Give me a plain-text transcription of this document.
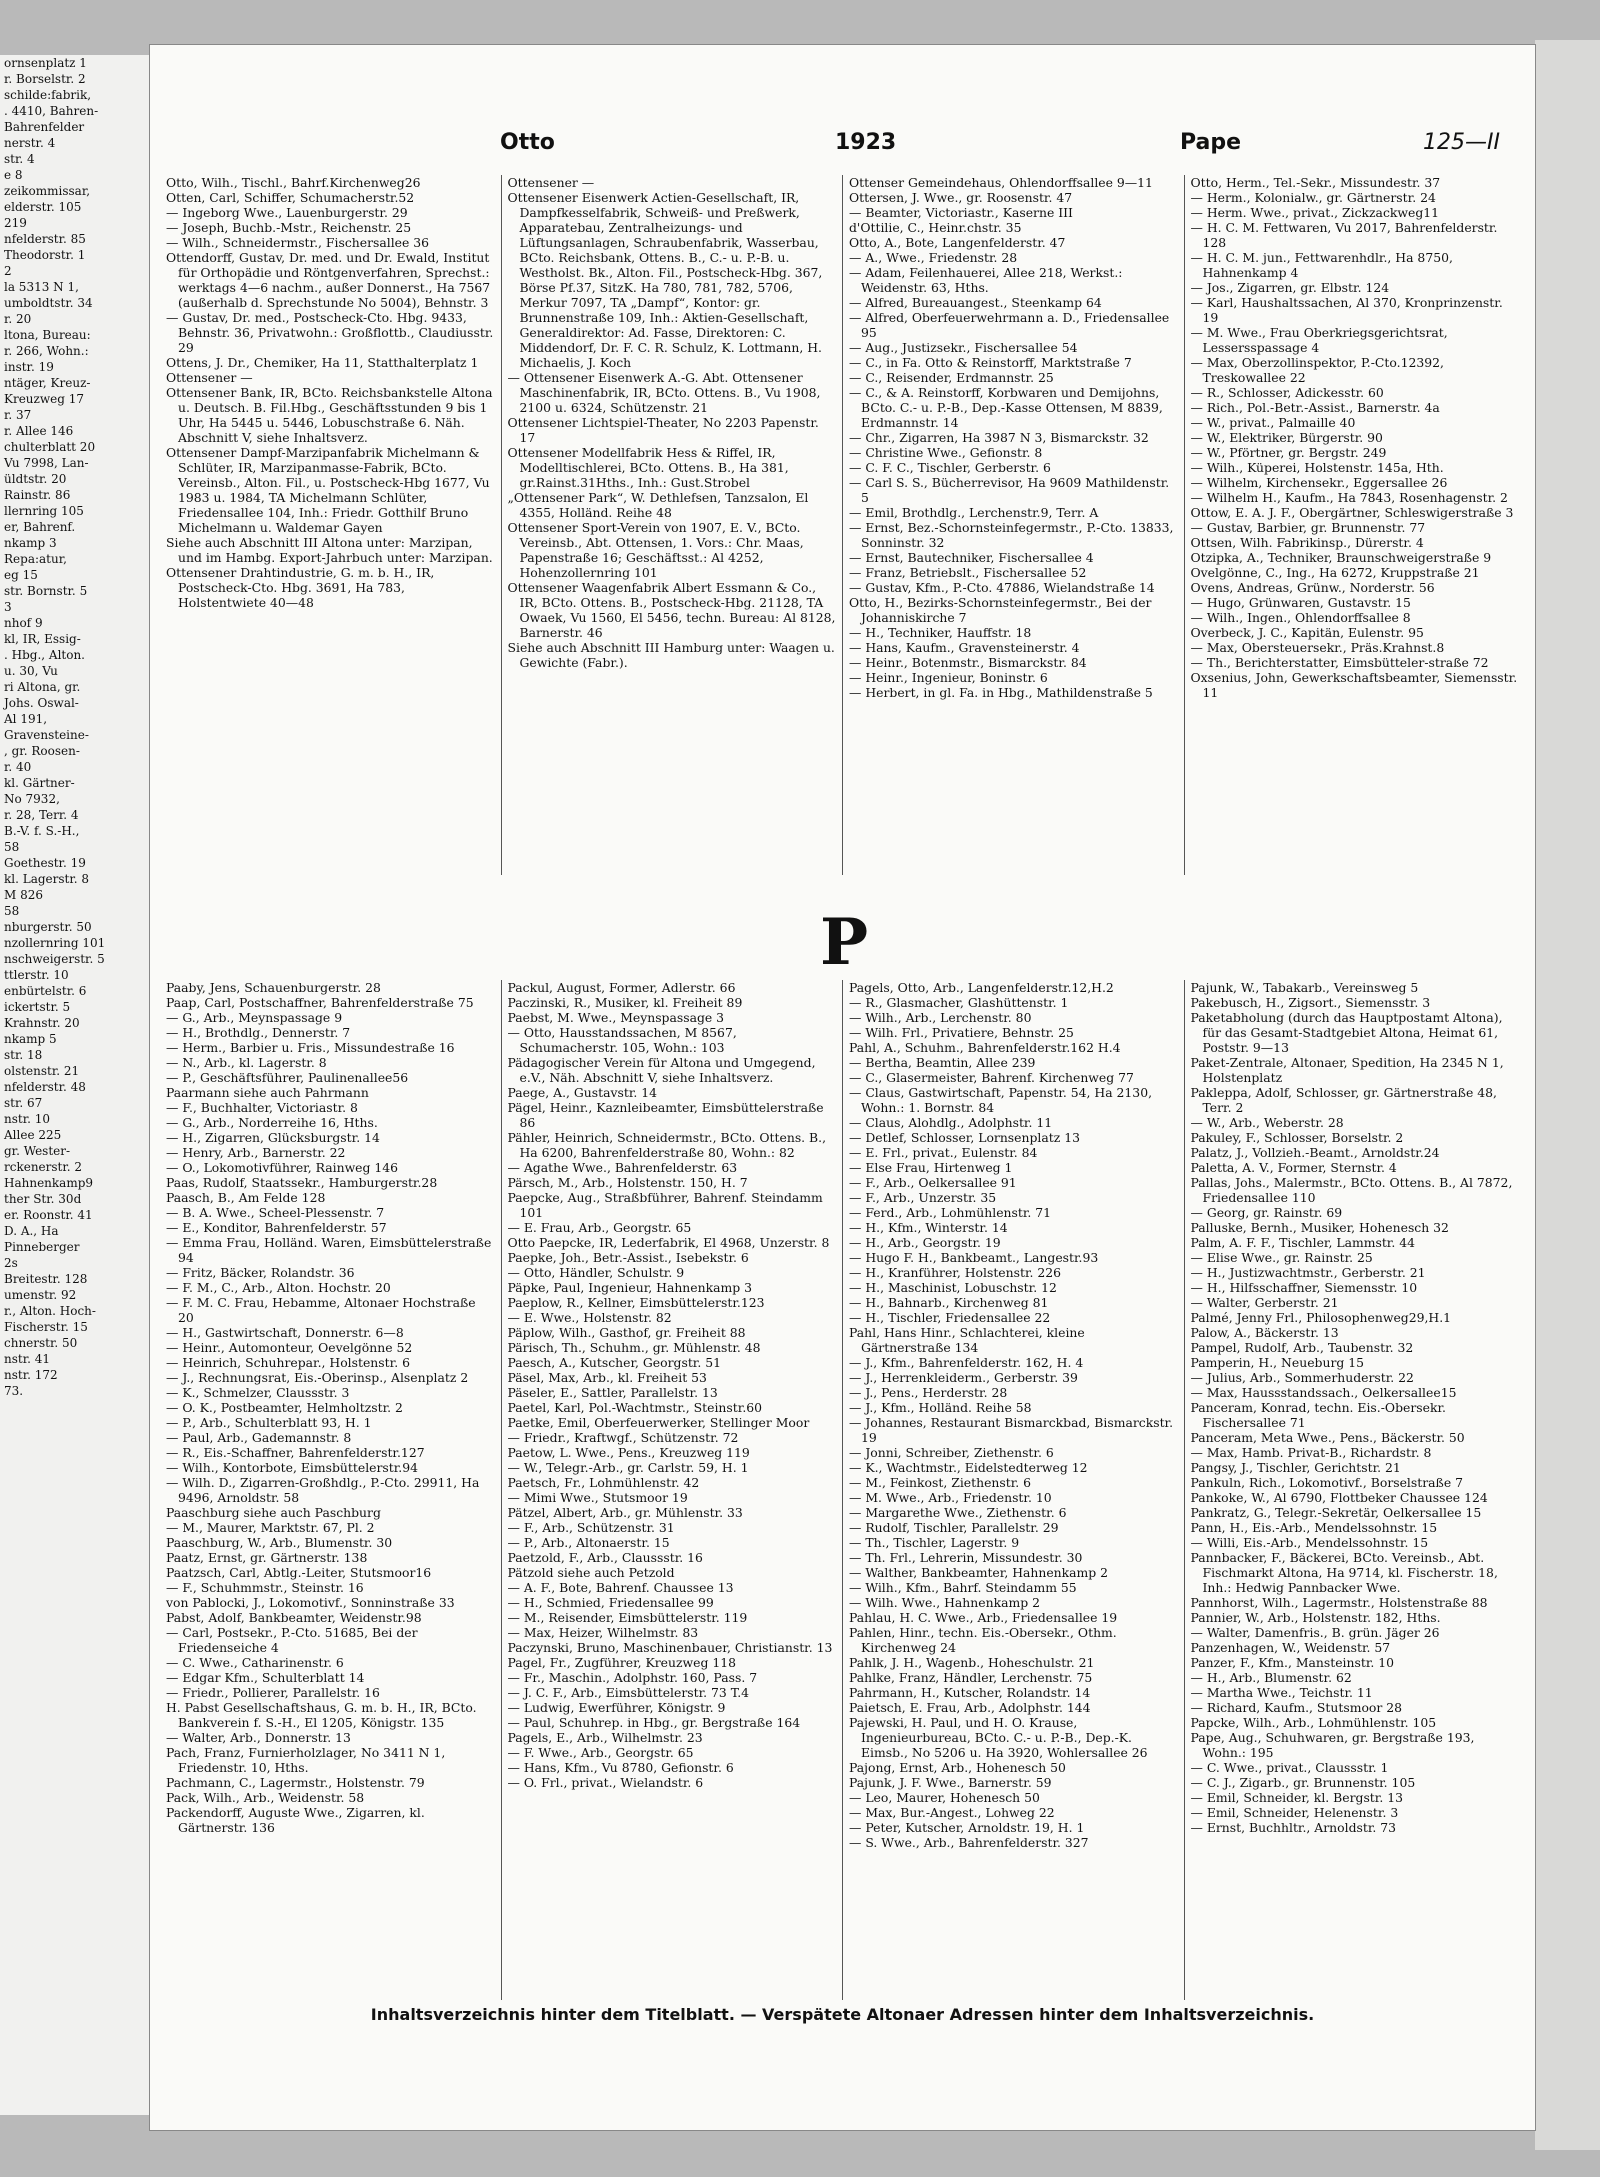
ornsenplatz 1
r. Borselstr. 2
schilde:fabrik,
. 4410, Bahren-
Bahrenfelder
nerstr. 4
str. 4
e 8
zeikommissar,
elderstr. 105
219
nfelderstr. 85
Theodorstr. 1
2
la 5313 N 1,
umboldtstr. 34
r. 20
ltona, Bureau:
r. 266, Wohn.:
instr. 19
ntäger, Kreuz-
Kreuzweg 17
r. 37
r. Allee 146
chulterblatt 20
Vu 7998, Lan-
üldtstr. 20
Rainstr. 86
llernring 105
er, Bahrenf.
nkamp 3
Repa:atur,
eg 15
str. Bornstr. 5
3
nhof 9
kl, IR, Essig-
. Hbg., Alton.
u. 30, Vu
ri Altona, gr.
Johs. Oswal-
Al 191,
Gravensteine-
, gr. Roosen-
r. 40
kl. Gärtner-
No 7932,
r. 28, Terr. 4
B.-V. f. S.-H.,
58
Goethestr. 19
kl. Lagerstr. 8
M 826
58
nburgerstr. 50
nzollernring 101
nschweigerstr. 5
ttlerstr. 10
enbürtelstr. 6
ickertstr. 5
Krahnstr. 20
nkamp 5
str. 18
olstenstr. 21
nfelderstr. 48
str. 67
nstr. 10
Allee 225
gr. Wester-
rckenerstr. 2
Hahnenkamp9
ther Str. 30d
er. Roonstr. 41
D. A., Ha
Pinneberger
2s
Breitestr. 128
umenstr. 92
r., Alton. Hoch-
Fischerstr. 15
chnerstr. 50
nstr. 41
nstr. 172
73.
Otto	1923	Pape	125—II

Otto, Wilh., Tischl., Bahrf.Kirchenweg26

Otten, Carl, Schiffer, Schumacherstr.52

— Ingeborg Wwe., Lauenburgerstr. 29

— Joseph, Buchb.-Mstr., Reichenstr. 25

— Wilh., Schneidermstr., Fischersallee 36

Ottendorff, Gustav, Dr. med. und Dr. Ewald, Institut für Orthopädie und Röntgenverfahren, Sprechst.: werktags 4—6 nachm., außer Donnerst., Ha 7567 (außerhalb d. Sprechstunde No 5004), Behnstr. 3

— Gustav, Dr. med., Postscheck-Cto. Hbg. 9433, Behnstr. 36, Privatwohn.: Großflottb., Claudiusstr. 29

Ottens, J. Dr., Chemiker, Ha 11, Statthalterplatz 1

Ottensener —

Ottensener Bank, IR, BCto. Reichsbankstelle Altona u. Deutsch. B. Fil.Hbg., Geschäftsstunden 9 bis 1 Uhr, Ha 5445 u. 5446, Lobuschstraße 6. Näh. Abschnitt V, siehe Inhaltsverz.

Ottensener Dampf-Marzipanfabrik Michelmann & Schlüter, IR, Marzipanmasse-Fabrik, BCto. Vereinsb., Alton. Fil., u. Postscheck-Hbg 1677, Vu 1983 u. 1984, TA Michelmann Schlüter, Friedensallee 104, Inh.: Friedr. Gotthilf Bruno Michelmann u. Waldemar Gayen

Siehe auch Abschnitt III Altona unter: Marzipan, und im Hambg. Export-Jahrbuch unter: Marzipan.

Ottensener Drahtindustrie, G. m. b. H., IR, Postscheck-Cto. Hbg. 3691, Ha 783, Holstentwiete 40—48

Ottensener —

Ottensener Eisenwerk Actien-Gesellschaft, IR, Dampfkesselfabrik, Schweiß- und Preßwerk, Apparatebau, Zentralheizungs- und Lüftungsanlagen, Schraubenfabrik, Wasserbau, BCto. Reichsbank, Ottens. B., C.- u. P.-B. u. Westholst. Bk., Alton. Fil., Postscheck-Hbg. 367, Börse Pf.37, SitzK. Ha 780, 781, 782, 5706, Merkur 7097, TA „Dampf“, Kontor: gr. Brunnenstraße 109, Inh.: Aktien-Gesellschaft, Generaldirektor: Ad. Fasse, Direktoren: C. Middendorf, Dr. F. C. R. Schulz, K. Lottmann, H. Michaelis, J. Koch

— Ottensener Eisenwerk A.-G. Abt. Ottensener Maschinenfabrik, IR, BCto. Ottens. B., Vu 1908, 2100 u. 6324, Schützenstr. 21

Ottensener Lichtspiel-Theater, No 2203 Papenstr. 17

Ottensener Modellfabrik Hess & Riffel, IR, Modelltischlerei, BCto. Ottens. B., Ha 381, gr.Rainst.31Hths., Inh.: Gust.Strobel

„Ottensener Park“, W. Dethlefsen, Tanzsalon, El 4355, Holländ. Reihe 48

Ottensener Sport-Verein von 1907, E. V., BCto. Vereinsb., Abt. Ottensen, 1. Vors.: Chr. Maas, Papenstraße 16; Geschäftsst.: Al 4252, Hohenzollernring 101

Ottensener Waagenfabrik Albert Essmann & Co., IR, BCto. Ottens. B., Postscheck-Hbg. 21128, TA Owaek, Vu 1560, El 5456, techn. Bureau: Al 8128, Barnerstr. 46

Siehe auch Abschnitt III Hamburg unter: Waagen u. Gewichte (Fabr.).

Ottenser Gemeindehaus, Ohlendorffsallee 9—11

Ottersen, J. Wwe., gr. Roosenstr. 47

— Beamter, Victoriastr., Kaserne III

d'Ottilie, C., Heinr.chstr. 35

Otto, A., Bote, Langenfelderstr. 47

— A., Wwe., Friedenstr. 28

— Adam, Feilenhauerei, Allee 218, Werkst.: Weidenstr. 63, Hths.

— Alfred, Bureauangest., Steenkamp 64

— Alfred, Oberfeuerwehrmann a. D., Friedensallee 95

— Aug., Justizsekr., Fischersallee 54

— C., in Fa. Otto & Reinstorff, Marktstraße 7

— C., Reisender, Erdmannstr. 25

— C., & A. Reinstorff, Korbwaren und Demijohns, BCto. C.- u. P.-B., Dep.-Kasse Ottensen, M 8839, Erdmannstr. 14

— Chr., Zigarren, Ha 3987 N 3, Bismarckstr. 32

— Christine Wwe., Gefionstr. 8

— C. F. C., Tischler, Gerberstr. 6

— Carl S. S., Bücherrevisor, Ha 9609 Mathildenstr. 5

— Emil, Brothdlg., Lerchenstr.9, Terr. A

— Ernst, Bez.-Schornsteinfegermstr., P.-Cto. 13833, Sonninstr. 32

— Ernst, Bautechniker, Fischersallee 4

— Franz, Betriebslt., Fischersallee 52

— Gustav, Kfm., P.-Cto. 47886, Wielandstraße 14

Otto, H., Bezirks-Schornsteinfegermstr., Bei der Johanniskirche 7

— H., Techniker, Hauffstr. 18

— Hans, Kaufm., Gravensteinerstr. 4

— Heinr., Botenmstr., Bismarckstr. 84

— Heinr., Ingenieur, Boninstr. 6

— Herbert, in gl. Fa. in Hbg., Mathildenstraße 5

Otto, Herm., Tel.-Sekr., Missundestr. 37

— Herm., Kolonialw., gr. Gärtnerstr. 24

— Herm. Wwe., privat., Zickzackweg11

— H. C. M. Fettwaren, Vu 2017, Bahrenfelderstr. 128

— H. C. M. jun., Fettwarenhdlr., Ha 8750, Hahnenkamp 4

— Jos., Zigarren, gr. Elbstr. 124

— Karl, Haushaltssachen, Al 370, Kronprinzenstr. 19

— M. Wwe., Frau Oberkriegsgerichtsrat, Lessersspassage 4

— Max, Oberzollinspektor, P.-Cto.12392, Treskowallee 22

— R., Schlosser, Adickesstr. 60

— Rich., Pol.-Betr.-Assist., Barnerstr. 4a

— W., privat., Palmaille 40

— W., Elektriker, Bürgerstr. 90

— W., Pförtner, gr. Bergstr. 249

— Wilh., Küperei, Holstenstr. 145a, Hth.

— Wilhelm, Kirchensekr., Eggersallee 26

— Wilhelm H., Kaufm., Ha 7843, Rosenhagenstr. 2

Ottow, E. A. J. F., Obergärtner, Schleswigerstraße 3

— Gustav, Barbier, gr. Brunnenstr. 77

Ottsen, Wilh. Fabrikinsp., Dürerstr. 4

Otzipka, A., Techniker, Braunschweigerstraße 9

Ovelgönne, C., Ing., Ha 6272, Kruppstraße 21

Ovens, Andreas, Grünw., Norderstr. 56

— Hugo, Grünwaren, Gustavstr. 15

— Wilh., Ingen., Ohlendorffsallee 8

Overbeck, J. C., Kapitän, Eulenstr. 95

— Max, Obersteuersekr., Präs.Krahnst.8

— Th., Berichterstatter, Eimsbütteler-straße 72

Oxsenius, John, Gewerkschaftsbeamter, Siemensstr. 11

P

Paaby, Jens, Schauenburgerstr. 28

Paap, Carl, Postschaffner, Bahrenfelderstraße 75

— G., Arb., Meynspassage 9

— H., Brothdlg., Dennerstr. 7

— Herm., Barbier u. Fris., Missundestraße 16

— N., Arb., kl. Lagerstr. 8

— P., Geschäftsführer, Paulinenallee56

Paarmann siehe auch Pahrmann

— F., Buchhalter, Victoriastr. 8

— G., Arb., Norderreihe 16, Hths.

— H., Zigarren, Glücksburgstr. 14

— Henry, Arb., Barnerstr. 22

— O., Lokomotivführer, Rainweg 146

Paas, Rudolf, Staatssekr., Hamburgerstr.28

Paasch, B., Am Felde 128

— B. A. Wwe., Scheel-Plessenstr. 7

— E., Konditor, Bahrenfelderstr. 57

— Emma Frau, Holländ. Waren, Eimsbüttelerstraße 94

— Fritz, Bäcker, Rolandstr. 36

— F. M., C., Arb., Alton. Hochstr. 20

— F. M. C. Frau, Hebamme, Altonaer Hochstraße 20

— H., Gastwirtschaft, Donnerstr. 6—8

— Heinr., Automonteur, Oevelgönne 52

— Heinrich, Schuhrepar., Holstenstr. 6

— J., Rechnungsrat, Eis.-Oberinsp., Alsenplatz 2

— K., Schmelzer, Claussstr. 3

— O. K., Postbeamter, Helmholtzstr. 2

— P., Arb., Schulterblatt 93, H. 1

— Paul, Arb., Gademannstr. 8

— R., Eis.-Schaffner, Bahrenfelderstr.127

— Wilh., Kontorbote, Eimsbüttelerstr.94

— Wilh. D., Zigarren-Großhdlg., P.-Cto. 29911, Ha 9496, Arnoldstr. 58

Paaschburg siehe auch Paschburg

— M., Maurer, Marktstr. 67, Pl. 2

Paaschburg, W., Arb., Blumenstr. 30

Paatz, Ernst, gr. Gärtnerstr. 138

Paatzsch, Carl, Abtlg.-Leiter, Stutsmoor16

— F., Schuhmmstr., Steinstr. 16

von Pablocki, J., Lokomotivf., Sonninstraße 33

Pabst, Adolf, Bankbeamter, Weidenstr.98

— Carl, Postsekr., P.-Cto. 51685, Bei der Friedenseiche 4

— C. Wwe., Catharinenstr. 6

— Edgar Kfm., Schulterblatt 14

— Friedr., Pollierer, Parallelstr. 16

H. Pabst Gesellschaftshaus, G. m. b. H., IR, BCto. Bankverein f. S.-H., El 1205, Königstr. 135

— Walter, Arb., Donnerstr. 13

Pach, Franz, Furnierholzlager, No 3411 N 1, Friedenstr. 10, Hths.

Pachmann, C., Lagermstr., Holstenstr. 79

Pack, Wilh., Arb., Weidenstr. 58

Packendorff, Auguste Wwe., Zigarren, kl. Gärtnerstr. 136

Packul, August, Former, Adlerstr. 66

Paczinski, R., Musiker, kl. Freiheit 89

Paebst, M. Wwe., Meynspassage 3

— Otto, Hausstandssachen, M 8567, Schumacherstr. 105, Wohn.: 103

Pädagogischer Verein für Altona und Umgegend, e.V., Näh. Abschnitt V, siehe Inhaltsverz.

Paege, A., Gustavstr. 14

Pägel, Heinr., Kaznleibeamter, Eimsbüttelerstraße 86

Pähler, Heinrich, Schneidermstr., BCto. Ottens. B., Ha 6200, Bahrenfelderstraße 80, Wohn.: 82

— Agathe Wwe., Bahrenfelderstr. 63

Pärsch, M., Arb., Holstenstr. 150, H. 7

Paepcke, Aug., Straßbführer, Bahrenf. Steindamm 101

— E. Frau, Arb., Georgstr. 65

Otto Paepcke, IR, Lederfabrik, El 4968, Unzerstr. 8

Paepke, Joh., Betr.-Assist., Isebekstr. 6

— Otto, Händler, Schulstr. 9

Päpke, Paul, Ingenieur, Hahnenkamp 3

Paeplow, R., Kellner, Eimsbüttelerstr.123

— E. Wwe., Holstenstr. 82

Päplow, Wilh., Gasthof, gr. Freiheit 88

Pärisch, Th., Schuhm., gr. Mühlenstr. 48

Paesch, A., Kutscher, Georgstr. 51

Päsel, Max, Arb., kl. Freiheit 53

Päseler, E., Sattler, Parallelstr. 13

Paetel, Karl, Pol.-Wachtmstr., Steinstr.60

Paetke, Emil, Oberfeuerwerker, Stellinger Moor

— Friedr., Kraftwgf., Schützenstr. 72

Paetow, L. Wwe., Pens., Kreuzweg 119

— W., Telegr.-Arb., gr. Carlstr. 59, H. 1

Paetsch, Fr., Lohmühlenstr. 42

— Mimi Wwe., Stutsmoor 19

Pätzel, Albert, Arb., gr. Mühlenstr. 33

— F., Arb., Schützenstr. 31

— P., Arb., Altonaerstr. 15

Paetzold, F., Arb., Claussstr. 16

Pätzold siehe auch Petzold

— A. F., Bote, Bahrenf. Chaussee 13

— H., Schmied, Friedensallee 99

— M., Reisender, Eimsbüttelerstr. 119

— Max, Heizer, Wilhelmstr. 83

Paczynski, Bruno, Maschinenbauer, Christianstr. 13

Pagel, Fr., Zugführer, Kreuzweg 118

— Fr., Maschin., Adolphstr. 160, Pass. 7

— J. C. F., Arb., Eimsbüttelerstr. 73 T.4

— Ludwig, Ewerführer, Königstr. 9

— Paul, Schuhrep. in Hbg., gr. Bergstraße 164

Pagels, E., Arb., Wilhelmstr. 23

— F. Wwe., Arb., Georgstr. 65

— Hans, Kfm., Vu 8780, Gefionstr. 6

— O. Frl., privat., Wielandstr. 6

Pagels, Otto, Arb., Langenfelderstr.12,H.2

— R., Glasmacher, Glashüttenstr. 1

— Wilh., Arb., Lerchenstr. 80

— Wilh. Frl., Privatiere, Behnstr. 25

Pahl, A., Schuhm., Bahrenfelderstr.162 H.4

— Bertha, Beamtin, Allee 239

— C., Glasermeister, Bahrenf. Kirchenweg 77

— Claus, Gastwirtschaft, Papenstr. 54, Ha 2130, Wohn.: 1. Bornstr. 84

— Claus, Alohdlg., Adolphstr. 11

— Detlef, Schlosser, Lornsenplatz 13

— E. Frl., privat., Eulenstr. 84

— Else Frau, Hirtenweg 1

— F., Arb., Oelkersallee 91

— F., Arb., Unzerstr. 35

— Ferd., Arb., Lohmühlenstr. 71

— H., Kfm., Winterstr. 14

— H., Arb., Georgstr. 19

— Hugo F. H., Bankbeamt., Langestr.93

— H., Kranführer, Holstenstr. 226

— H., Maschinist, Lobuschstr. 12

— H., Bahnarb., Kirchenweg 81

— H., Tischler, Friedensallee 22

Pahl, Hans Hinr., Schlachterei, kleine Gärtnerstraße 134

— J., Kfm., Bahrenfelderstr. 162, H. 4

— J., Herrenkleiderm., Gerberstr. 39

— J., Pens., Herderstr. 28

— J., Kfm., Holländ. Reihe 58

— Johannes, Restaurant Bismarckbad, Bismarckstr. 19

— Jonni, Schreiber, Ziethenstr. 6

— K., Wachtmstr., Eidelstedterweg 12

— M., Feinkost, Ziethenstr. 6

— M. Wwe., Arb., Friedenstr. 10

— Margarethe Wwe., Ziethenstr. 6

— Rudolf, Tischler, Parallelstr. 29

— Th., Tischler, Lagerstr. 9

— Th. Frl., Lehrerin, Missundestr. 30

— Walther, Bankbeamter, Hahnenkamp 2

— Wilh., Kfm., Bahrf. Steindamm 55

— Wilh. Wwe., Hahnenkamp 2

Pahlau, H. C. Wwe., Arb., Friedensallee 19

Pahlen, Hinr., techn. Eis.-Obersekr., Othm. Kirchenweg 24

Pahlk, J. H., Wagenb., Hoheschulstr. 21

Pahlke, Franz, Händler, Lerchenstr. 75

Pahrmann, H., Kutscher, Rolandstr. 14

Paietsch, E. Frau, Arb., Adolphstr. 144

Pajewski, H. Paul, und H. O. Krause, Ingenieurbureau, BCto. C.- u. P.-B., Dep.-K. Eimsb., No 5206 u. Ha 3920, Wohlersallee 26

Pajong, Ernst, Arb., Hohenesch 50

Pajunk, J. F. Wwe., Barnerstr. 59

— Leo, Maurer, Hohenesch 50

— Max, Bur.-Angest., Lohweg 22

— Peter, Kutscher, Arnoldstr. 19, H. 1

— S. Wwe., Arb., Bahrenfelderstr. 327

Pajunk, W., Tabakarb., Vereinsweg 5

Pakebusch, H., Zigsort., Siemensstr. 3

Paketabholung (durch das Hauptpostamt Altona), für das Gesamt-Stadtgebiet Altona, Heimat 61, Poststr. 9—13

Paket-Zentrale, Altonaer, Spedition, Ha 2345 N 1, Holstenplatz

Pakleppa, Adolf, Schlosser, gr. Gärtnerstraße 48, Terr. 2

— W., Arb., Weberstr. 28

Pakuley, F., Schlosser, Borselstr. 2

Palatz, J., Vollzieh.-Beamt., Arnoldstr.24

Paletta, A. V., Former, Sternstr. 4

Pallas, Johs., Malermstr., BCto. Ottens. B., Al 7872, Friedensallee 110

— Georg, gr. Rainstr. 69

Palluske, Bernh., Musiker, Hohenesch 32

Palm, A. F. F., Tischler, Lammstr. 44

— Elise Wwe., gr. Rainstr. 25

— H., Justizwachtmstr., Gerberstr. 21

— H., Hilfsschaffner, Siemensstr. 10

— Walter, Gerberstr. 21

Palmé, Jenny Frl., Philosophenweg29,H.1

Palow, A., Bäckerstr. 13

Pampel, Rudolf, Arb., Taubenstr. 32

Pamperin, H., Neueburg 15

— Julius, Arb., Sommerhuderstr. 22

— Max, Haussstandssach., Oelkersallee15

Panceram, Konrad, techn. Eis.-Obersekr. Fischersallee 71

Panceram, Meta Wwe., Pens., Bäckerstr. 50

— Max, Hamb. Privat-B., Richardstr. 8

Pangsy, J., Tischler, Gerichtstr. 21

Pankuln, Rich., Lokomotivf., Borselstraße 7

Pankoke, W., Al 6790, Flottbeker Chaussee 124

Pankratz, G., Telegr.-Sekretär, Oelkersallee 15

Pann, H., Eis.-Arb., Mendelssohnstr. 15

— Willi, Eis.-Arb., Mendelssohnstr. 15

Pannbacker, F., Bäckerei, BCto. Vereinsb., Abt. Fischmarkt Altona, Ha 9714, kl. Fischerstr. 18, Inh.: Hedwig Pannbacker Wwe.

Pannhorst, Wilh., Lagermstr., Holstenstraße 88

Pannier, W., Arb., Holstenstr. 182, Hths.

— Walter, Damenfris., B. grün. Jäger 26

Panzenhagen, W., Weidenstr. 57

Panzer, F., Kfm., Mansteinstr. 10

— H., Arb., Blumenstr. 62

— Martha Wwe., Teichstr. 11

— Richard, Kaufm., Stutsmoor 28

Papcke, Wilh., Arb., Lohmühlenstr. 105

Pape, Aug., Schuhwaren, gr. Bergstraße 193, Wohn.: 195

— C. Wwe., privat., Claussstr. 1

— C. J., Zigarb., gr. Brunnenstr. 105

— Emil, Schneider, kl. Bergstr. 13

— Emil, Schneider, Helenenstr. 3

— Ernst, Buchhltr., Arnoldstr. 73

Inhaltsverzeichnis hinter dem Titelblatt. — Verspätete Altonaer Adressen hinter dem Inhaltsverzeichnis.
